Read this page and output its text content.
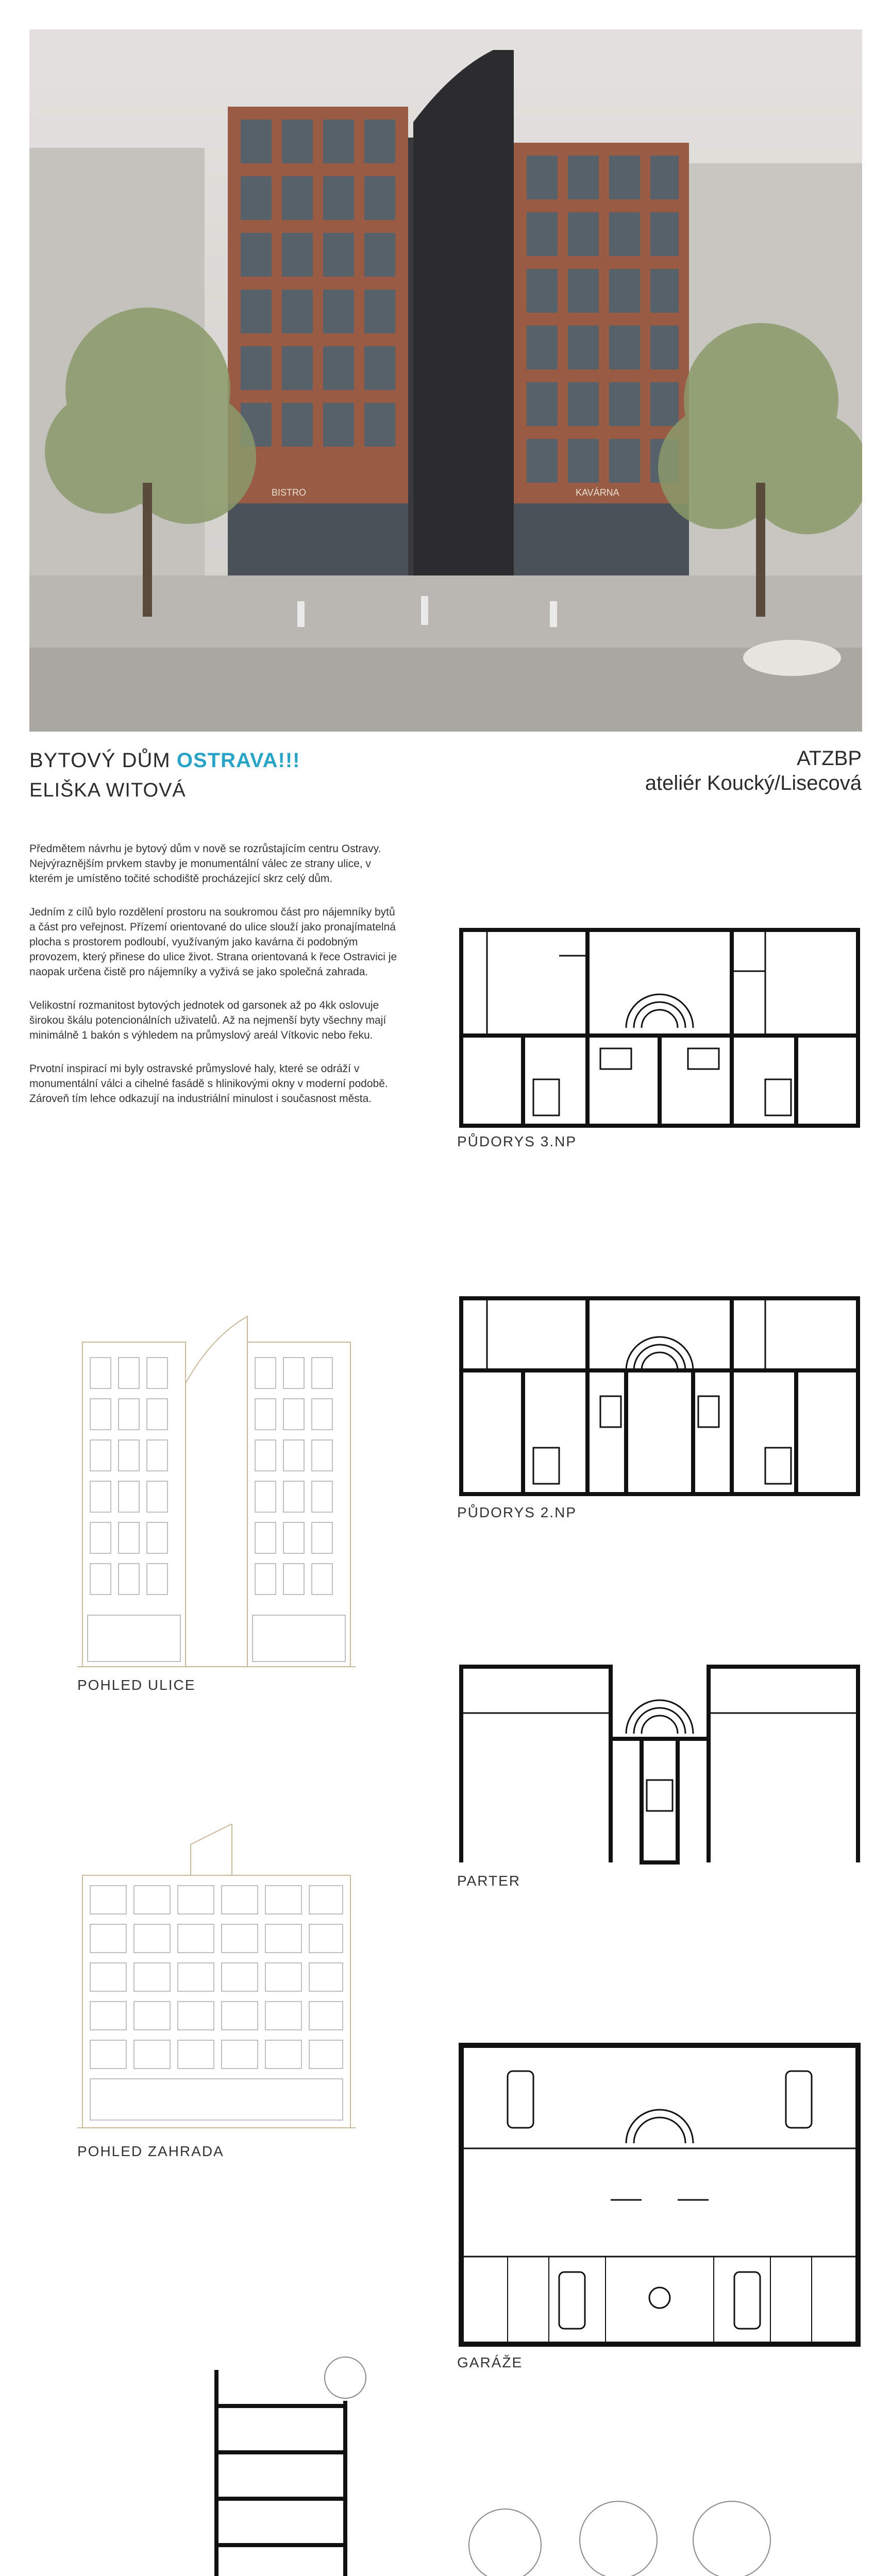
BISTRO	KAVÁRNA
BYTOVÝ DŮM OSTRAVA!!!
ELIŠKA WITOVÁ
ATZBP
ateliér Koucký/Lisecová

Předmětem návrhu je bytový dům v nově se rozrůstajícím centru Ostravy. Nejvýraznějším prvkem stavby je monumentální válec ze strany ulice, v kterém je umístěno točité schodiště procházející skrz celý dům.

Jedním z cílů bylo rozdělení prostoru na soukromou část pro nájemníky bytů a část pro veřejnost. Přízemí orientované do ulice slouží jako pronajímatelná plocha s prostorem podloubí, využívaným jako kavárna či podobným provozem, který přinese do ulice život. Strana orientovaná k řece Ostravici je naopak určena čistě pro nájemníky a vyživá se jako společná zahrada.

Velikostní rozmanitost bytových jednotek od garsonek až po 4kk oslovuje širokou škálu potencionálních uživatelů. Až na nejmenší byty všechny mají minimálně 1 bakón s výhledem na průmyslový areál Vítkovic nebo řeku.

Prvotní inspirací mi byly ostravské průmyslové haly, které se odráží v monumentální válci a cihelné fasádě s hlinikovými okny v moderní podobě. Zároveň tím lehce odkazují na industriální minulost i současnost města.

PŮDORYS 3.NP
POHLED ULICE
PŮDORYS 2.NP
PARTER
POHLED ZAHRADA
GARÁŽE
